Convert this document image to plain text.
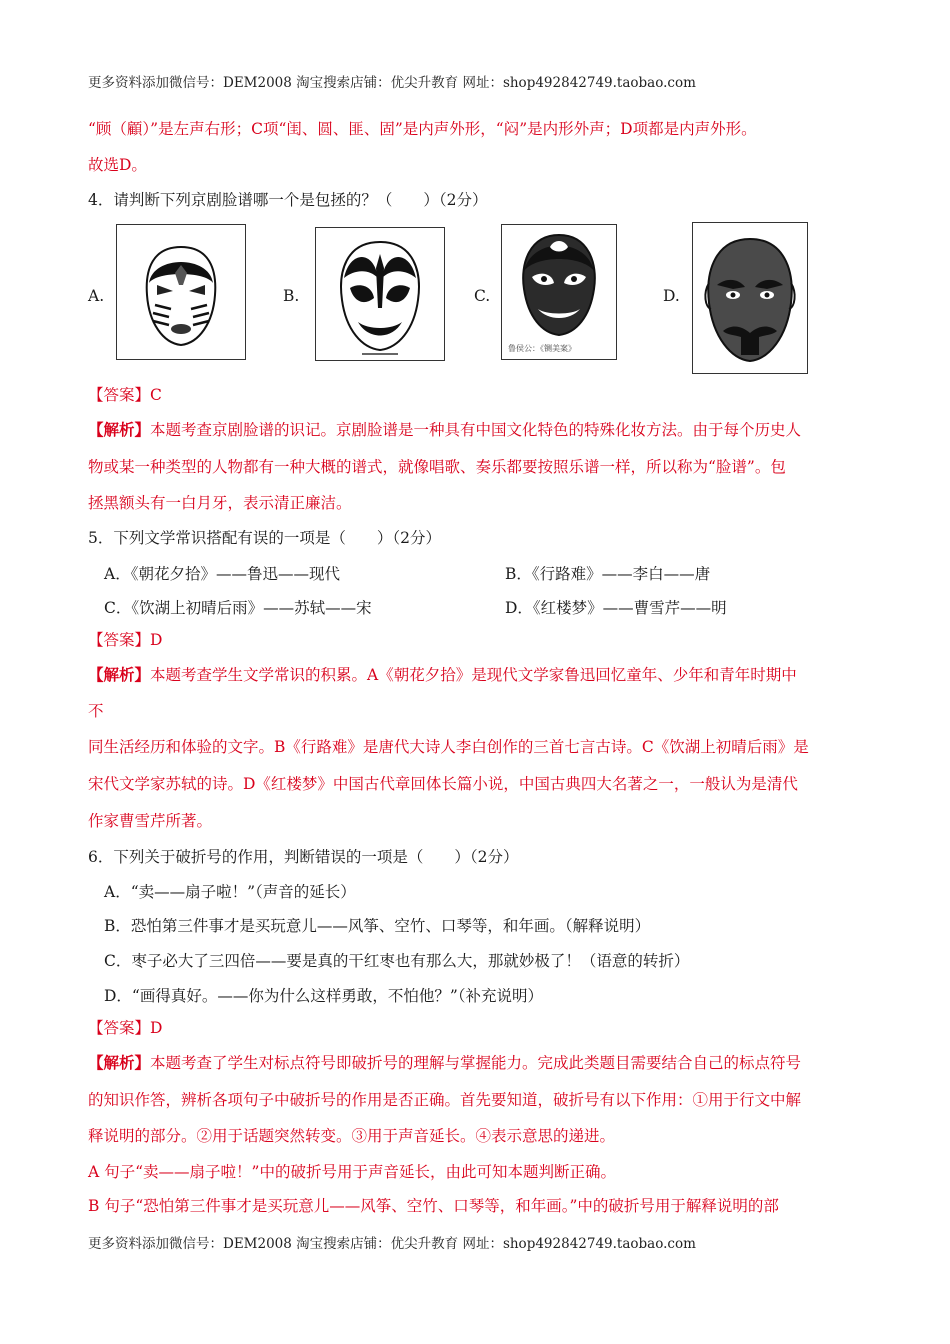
更多资料添加微信号：DEM2008 淘宝搜索店铺：优尖升教育 网址：shop492842749.taobao.com
“顾（顧）”是左声右形；C项“闺、圆、匪、固”是内声外形，“闷”是内形外声；D项都是内声外形。
故选D。
4．请判断下列京剧脸谱哪一个是包拯的？（　　）（2分）
A.	B.	C.
鲁侯公：《铡美案》
D.
【答案】C
【解析】本题考查京剧脸谱的识记。京剧脸谱是一种具有中国文化特色的特殊化妆方法。由于每个历史人
物或某一种类型的人物都有一种大概的谱式，就像唱歌、奏乐都要按照乐谱一样，所以称为“脸谱”。包
拯黑额头有一白月牙，表示清正廉洁。
5．下列文学常识搭配有误的一项是（　　）（2分）
A．《朝花夕拾》——鲁迅——现代	B．《行路难》——李白——唐
C．《饮湖上初晴后雨》——苏轼——宋	D．《红楼梦》——曹雪芹——明
【答案】D
【解析】本题考查学生文学常识的积累。A《朝花夕拾》是现代文学家鲁迅回忆童年、少年和青年时期中
不
同生活经历和体验的文字。B《行路难》是唐代大诗人李白创作的三首七言古诗。C《饮湖上初晴后雨》是
宋代文学家苏轼的诗。D《红楼梦》中国古代章回体长篇小说，中国古典四大名著之一，一般认为是清代
作家曹雪芹所著。
6．下列关于破折号的作用，判断错误的一项是（　　）（2分）
A．“卖——扇子啦！”（声音的延长）
B．恐怕第三件事才是买玩意儿——风筝、空竹、口琴等，和年画。（解释说明）
C．枣子必大了三四倍——要是真的干红枣也有那么大，那就妙极了！（语意的转折）
D．“画得真好。——你为什么这样勇敢，不怕他？”（补充说明）
【答案】D
【解析】本题考查了学生对标点符号即破折号的理解与掌握能力。完成此类题目需要结合自己的标点符号
的知识作答，辨析各项句子中破折号的作用是否正确。首先要知道，破折号有以下作用：①用于行文中解
释说明的部分。②用于话题突然转变。③用于声音延长。④表示意思的递进。
A 句子“卖——扇子啦！”中的破折号用于声音延长，由此可知本题判断正确。
B 句子“恐怕第三件事才是买玩意儿——风筝、空竹、口琴等，和年画。”中的破折号用于解释说明的部
更多资料添加微信号：DEM2008 淘宝搜索店铺：优尖升教育 网址：shop492842749.taobao.com
